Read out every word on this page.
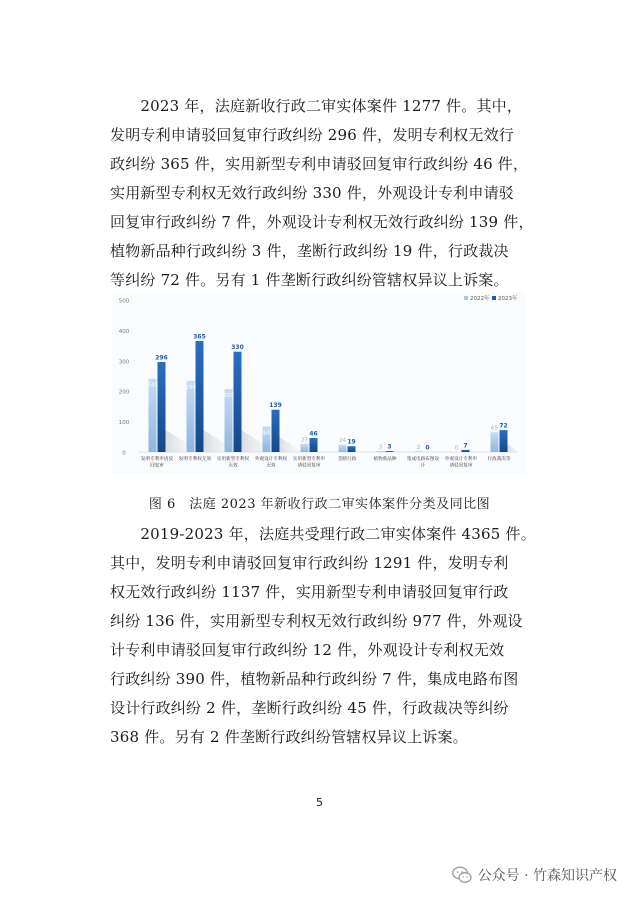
　　2023 年，法庭新收行政二审实体案件 1277 件。其中，
发明专利申请驳回复审行政纠纷 296 件，发明专利权无效行
政纠纷 365 件，实用新型专利申请驳回复审行政纠纷 46 件，
实用新型专利权无效行政纠纷 330 件，外观设计专利申请驳
回复审行政纠纷 7 件，外观设计专利权无效行政纠纷 139 件，
植物新品种行政纠纷 3 件，垄断行政纠纷 19 件，行政裁决
等纠纷 72 件。另有 1 件垄断行政纠纷管辖权异议上诉案。
0
100
200
300
400
500
241
296
发明专利申请驳
回复审
234
365
发明专利权无效
207
330
实用新型专利权
无效
84
139
外观设计专利权
无效
27
46
实用新型专利申
请驳回复审
24 19
垄断行政
3 3
植物新品种
2 0
集成电路布图设
计
0 7
外观设计专利申
请驳回复审
65 72
行政裁决等
2022年 2023年
图 6　法庭 2023 年新收行政二审实体案件分类及同比图
　　2019-2023 年，法庭共受理行政二审实体案件 4365 件。
其中，发明专利申请驳回复审行政纠纷 1291 件，发明专利
权无效行政纠纷 1137 件，实用新型专利申请驳回复审行政
纠纷 136 件，实用新型专利权无效行政纠纷 977 件，外观设
计专利申请驳回复审行政纠纷 12 件，外观设计专利权无效
行政纠纷 390 件，植物新品种行政纠纷 7 件，集成电路布图
设计行政纠纷 2 件，垄断行政纠纷 45 件，行政裁决等纠纷
368 件。另有 2 件垄断行政纠纷管辖权异议上诉案。
5
公众号 · 竹森知识产权
